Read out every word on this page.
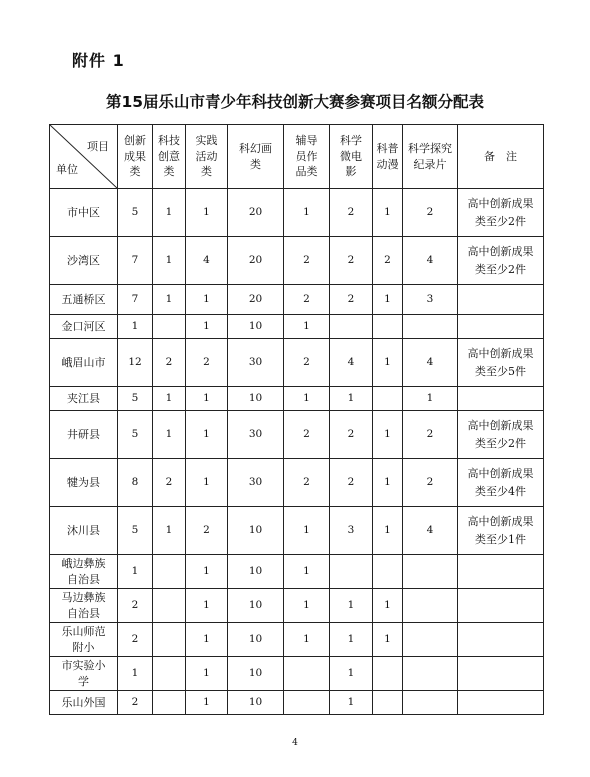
附件 1
第15届乐山市青少年科技创新大赛参赛项目名额分配表
项目
单位	创新成果类	科技创意类	实践活动类	科幻画类	辅导员作品类	科学微电影	科普动漫	科学探究纪录片	备　注
市中区	5	1	1	20	1	2	1	2	高中创新成果类至少2件
沙湾区	7	1	4	20	2	2	2	4	高中创新成果类至少2件
五通桥区	7	1	1	20	2	2	1	3	
金口河区	1		1	10	1				
峨眉山市	12	2	2	30	2	4	1	4	高中创新成果类至少5件
夹江县	5	1	1	10	1	1		1	
井研县	5	1	1	30	2	2	1	2	高中创新成果类至少2件
犍为县	8	2	1	30	2	2	1	2	高中创新成果类至少4件
沐川县	5	1	2	10	1	3	1	4	高中创新成果类至少1件
峨边彝族自治县	1		1	10	1				
马边彝族自治县	2		1	10	1	1	1		
乐山师范附小	2		1	10	1	1	1		
市实验小学	1		1	10		1			
乐山外国	2		1	10		1			
4
